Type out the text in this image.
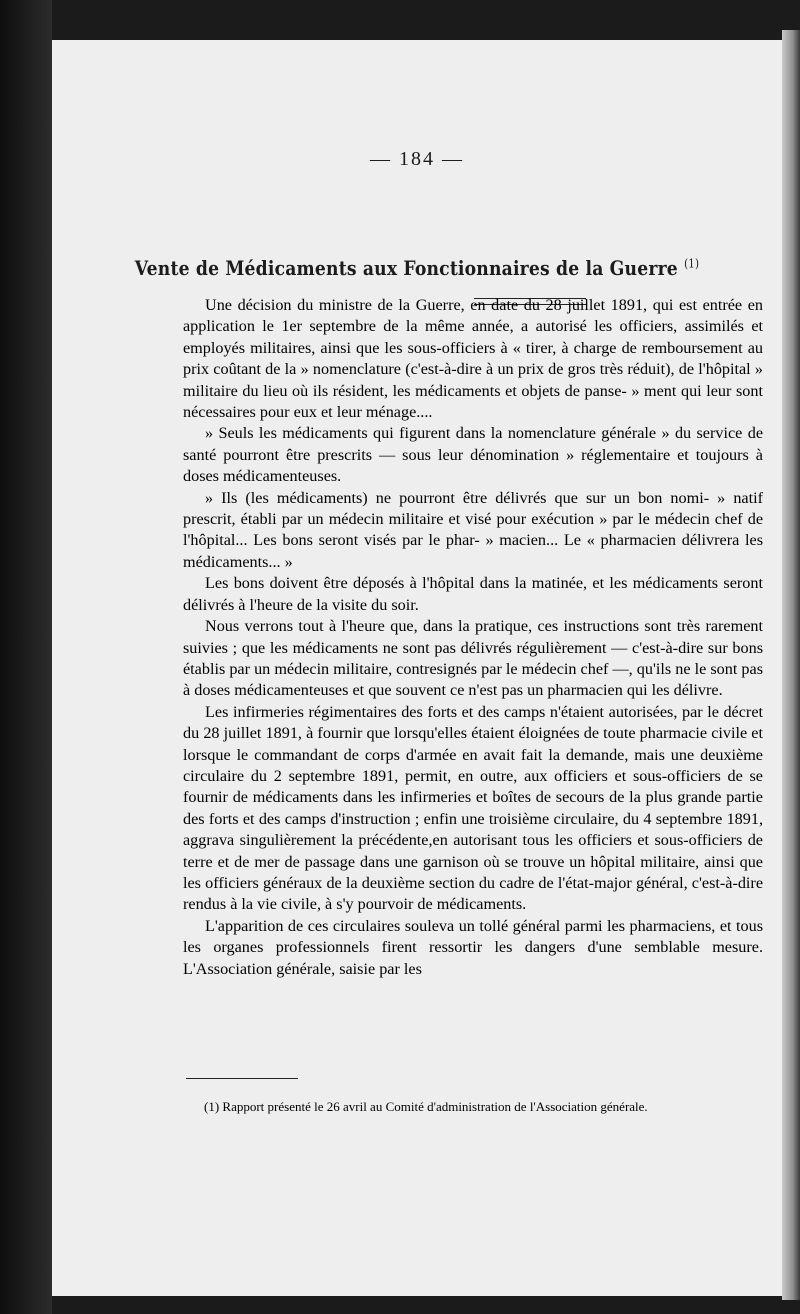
— 184 —
Vente de Médicaments aux Fonctionnaires de la Guerre $^{(1)}$

Une décision du ministre de la Guerre, en date du 28 juillet 1891, qui est entrée en application le 1er septembre de la même année, a autorisé les officiers, assimilés et employés militaires, ainsi que les sous-officiers à « tirer, à charge de remboursement au prix coûtant de la » nomenclature (c'est-à-dire à un prix de gros très réduit), de l'hôpital » militaire du lieu où ils résident, les médicaments et objets de panse- » ment qui leur sont nécessaires pour eux et leur ménage....

» Seuls les médicaments qui figurent dans la nomenclature générale » du service de santé pourront être prescrits — sous leur dénomination » réglementaire et toujours à doses médicamenteuses.

» Ils (les médicaments) ne pourront être délivrés que sur un bon nomi- » natif prescrit, établi par un médecin militaire et visé pour exécution » par le médecin chef de l'hôpital... Les bons seront visés par le phar- » macien... Le « pharmacien délivrera les médicaments... »

Les bons doivent être déposés à l'hôpital dans la matinée, et les médicaments seront délivrés à l'heure de la visite du soir.

Nous verrons tout à l'heure que, dans la pratique, ces instructions sont très rarement suivies ; que les médicaments ne sont pas délivrés régulièrement — c'est-à-dire sur bons établis par un médecin militaire, contresignés par le médecin chef —, qu'ils ne le sont pas à doses médicamenteuses et que souvent ce n'est pas un pharmacien qui les délivre.

Les infirmeries régimentaires des forts et des camps n'étaient autorisées, par le décret du 28 juillet 1891, à fournir que lorsqu'elles étaient éloignées de toute pharmacie civile et lorsque le commandant de corps d'armée en avait fait la demande, mais une deuxième circulaire du 2 septembre 1891, permit, en outre, aux officiers et sous-officiers de se fournir de médicaments dans les infirmeries et boîtes de secours de la plus grande partie des forts et des camps d'instruction ; enfin une troisième circulaire, du 4 septembre 1891, aggrava singulièrement la précédente,en autorisant tous les officiers et sous-officiers de terre et de mer de passage dans une garnison où se trouve un hôpital militaire, ainsi que les officiers généraux de la deuxième section du cadre de l'état-major général, c'est-à-dire rendus à la vie civile, à s'y pourvoir de médicaments.

L'apparition de ces circulaires souleva un tollé général parmi les pharmaciens, et tous les organes professionnels firent ressortir les dangers d'une semblable mesure. L'Association générale, saisie par les

(1) Rapport présenté le 26 avril au Comité d'administration de l'Association générale.
